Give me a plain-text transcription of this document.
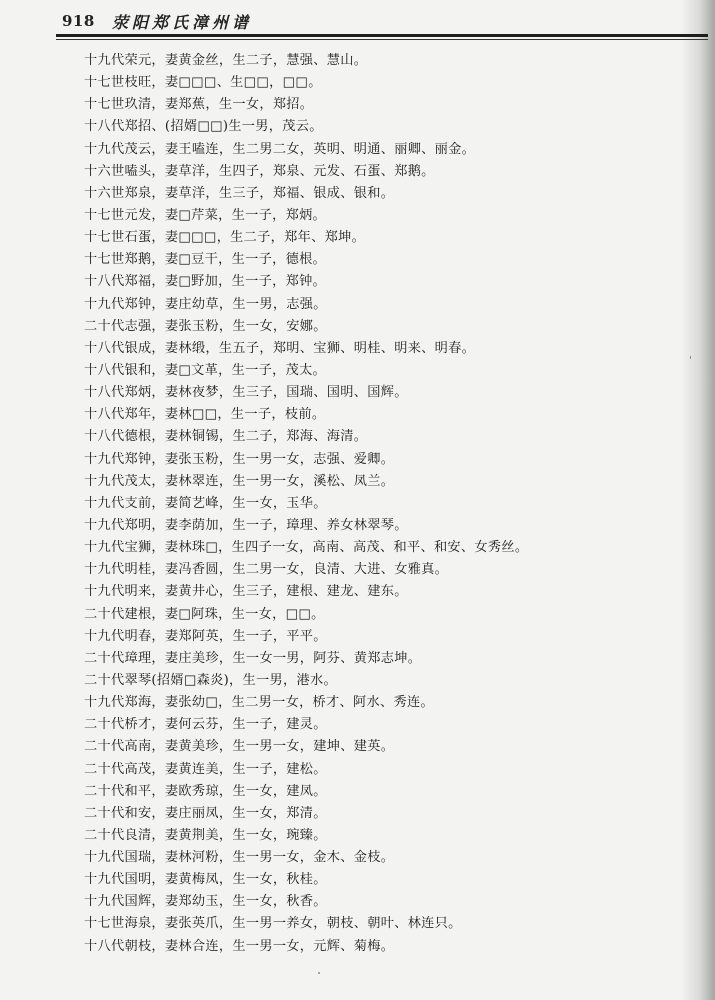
918 荥阳郑氏漳州谱
十九代荣元，妻黄金丝，生二子，慧强、慧山。
十七世枝旺，妻□□□、生□□，□□。
十七世玖清，妻郑蕉，生一女，郑招。
十八代郑招、(招婿□□)生一男，茂云。
十九代茂云，妻王嗑连，生二男二女，英明、明通、丽卿、丽金。
十六世嗑头，妻草洋，生四子，郑泉、元发、石蛋、郑鹅。
十六世郑泉，妻草洋，生三子，郑福、银成、银和。
十七世元发，妻□芹菜，生一子，郑炳。
十七世石蛋，妻□□□，生二子，郑年、郑坤。
十七世郑鹅，妻□豆干，生一子，德根。
十八代郑福，妻□野加，生一子，郑钟。
十九代郑钟，妻庄幼草，生一男，志强。
二十代志强，妻张玉粉，生一女，安娜。
十八代银成，妻林缎，生五子，郑明、宝狮、明桂、明来、明春。
十八代银和，妻□文革，生一子，茂太。
十八代郑炳，妻林夜梦，生三子，国瑞、国明、国辉。
十八代郑年，妻林□□，生一子，枝前。
十八代德根，妻林铜锡，生二子，郑海、海清。
十九代郑钟，妻张玉粉，生一男一女，志强、爱卿。
十九代茂太，妻林翠连，生一男一女，溪松、凤兰。
十九代支前，妻简艺峰，生一女，玉华。
十九代郑明，妻李荫加，生一子，璋理、养女林翠琴。
十九代宝狮，妻林珠□，生四子一女，高南、高茂、和平、和安、女秀丝。
十九代明桂，妻冯香圆，生二男一女，良清、大进、女雅真。
十九代明来，妻黄井心，生三子，建根、建龙、建东。
二十代建根，妻□阿珠，生一女，□□。
十九代明春，妻郑阿英，生一子，平平。
二十代璋理，妻庄美珍，生一女一男，阿芬、黄郑志坤。
二十代翠琴(招婿□森炎)，生一男，港水。
十九代郑海，妻张幼□，生二男一女，桥才、阿水、秀连。
二十代桥才，妻何云芬，生一子，建灵。
二十代高南，妻黄美珍，生一男一女，建坤、建英。
二十代高茂，妻黄连美，生一子，建松。
二十代和平，妻欧秀琼，生一女，建凤。
二十代和安，妻庄丽凤，生一女，郑清。
二十代良清，妻黄荆美，生一女，琬臻。
十九代国瑞，妻林河粉，生一男一女，金木、金枝。
十九代国明，妻黄梅凤，生一女，秋桂。
十九代国辉，妻郑幼玉，生一女，秋香。
十七世海泉，妻张英爪，生一男一养女，朝枝、朝叶、林连只。
十八代朝枝，妻林合连，生一男一女，元辉、菊梅。
